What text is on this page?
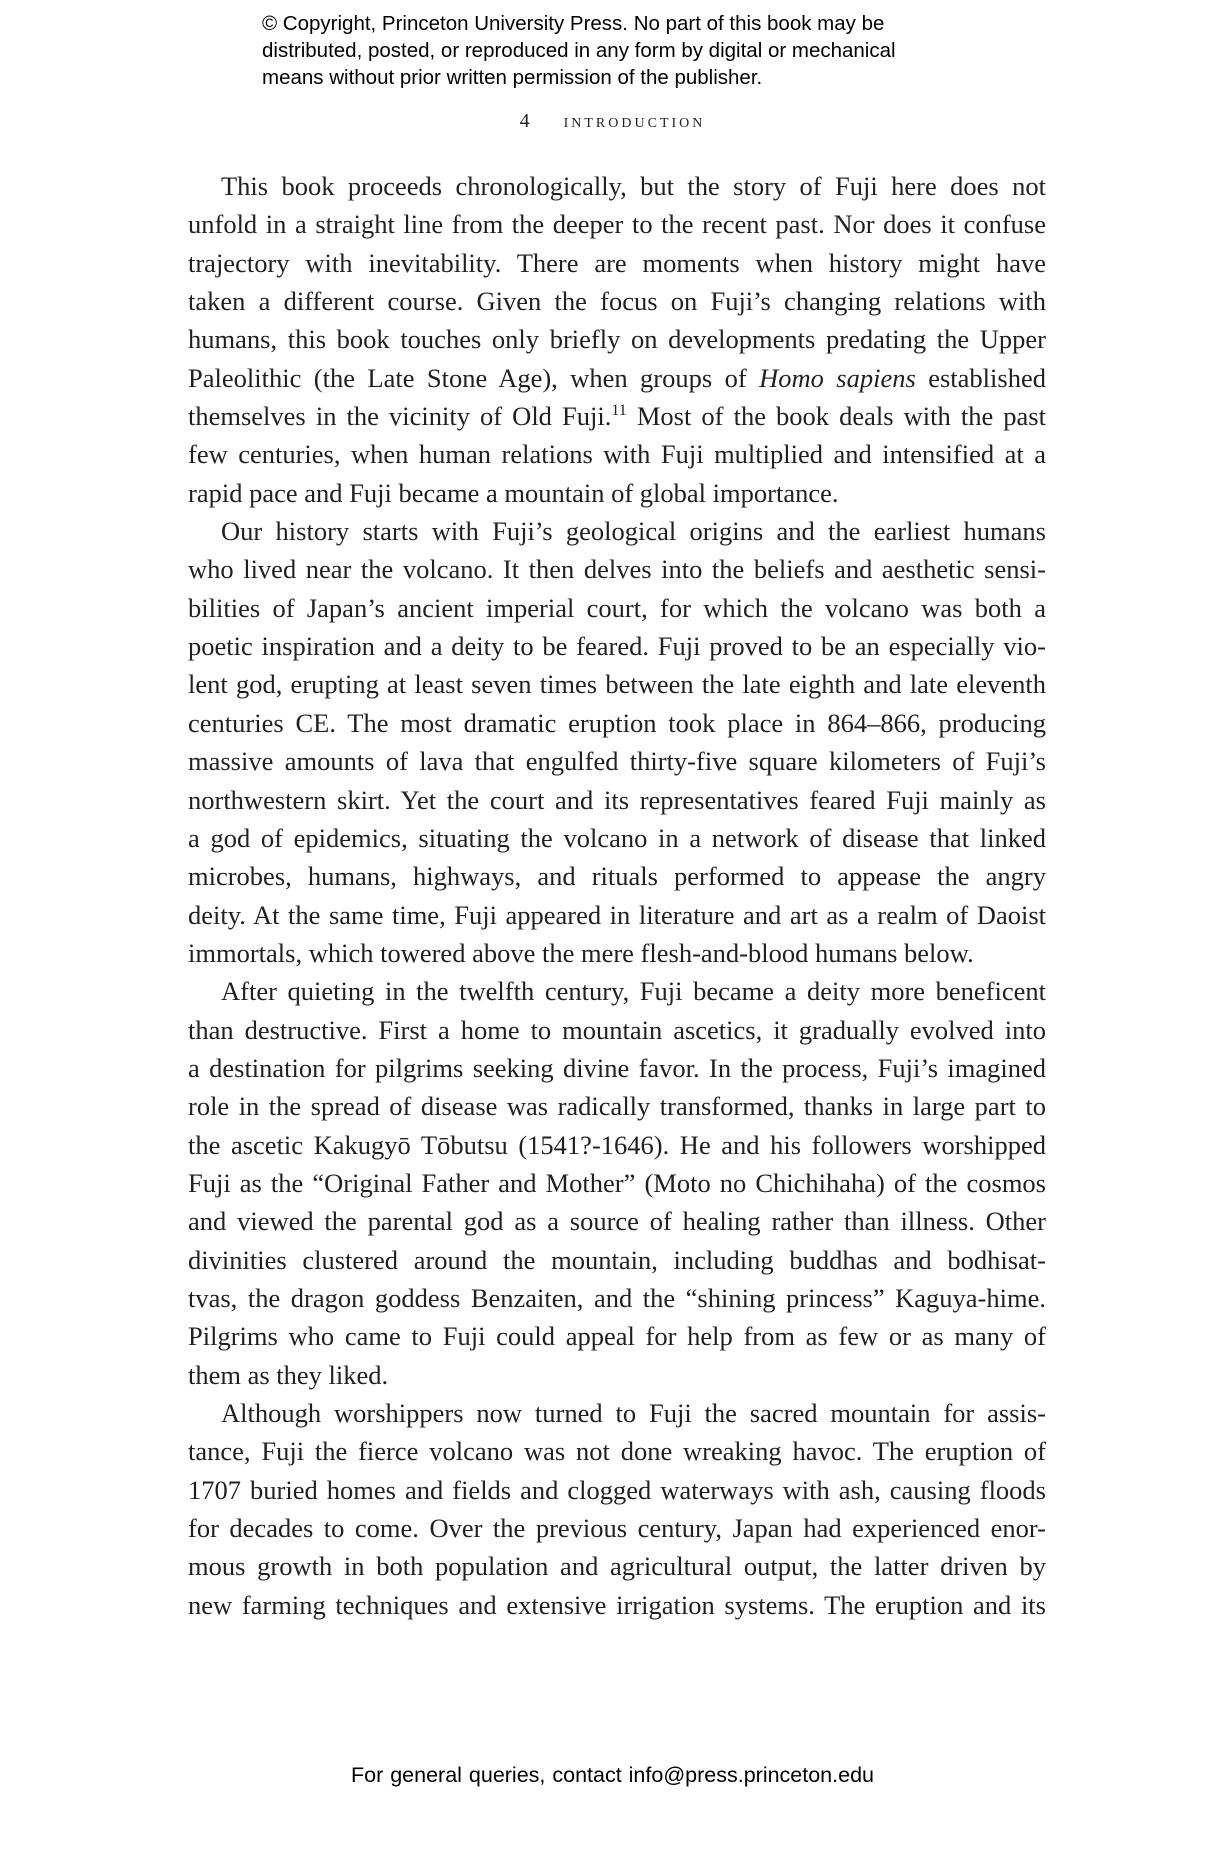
© Copyright, Princeton University Press. No part of this book may be
distributed, posted, or reproduced in any form by digital or mechanical
means without prior written permission of the publisher.
4 introduction
This book proceeds chronologically, but the story of Fuji here does not
unfold in a straight line from the deeper to the recent past. Nor does it confuse
trajectory with inevitability. There are moments when history might have
taken a different course. Given the focus on Fuji’s changing relations with
humans, this book touches only briefly on developments predating the Upper
Paleolithic (the Late Stone Age), when groups of Homo sapiens established
themselves in the vicinity of Old Fuji.$^{11}$ Most of the book deals with the past
few centuries, when human relations with Fuji multiplied and intensified at a
rapid pace and Fuji became a mountain of global importance.
Our history starts with Fuji’s geological origins and the earliest humans
who lived near the volcano. It then delves into the beliefs and aesthetic sensi-
bilities of Japan’s ancient imperial court, for which the volcano was both a
poetic inspiration and a deity to be feared. Fuji proved to be an especially vio-
lent god, erupting at least seven times between the late eighth and late eleventh
centuries CE. The most dramatic eruption took place in 864–866, producing
massive amounts of lava that engulfed thirty-five square kilometers of Fuji’s
northwestern skirt. Yet the court and its representatives feared Fuji mainly as
a god of epidemics, situating the volcano in a network of disease that linked
microbes, humans, highways, and rituals performed to appease the angry
deity. At the same time, Fuji appeared in literature and art as a realm of Daoist
immortals, which towered above the mere flesh-and-blood humans below.
After quieting in the twelfth century, Fuji became a deity more beneficent
than destructive. First a home to mountain ascetics, it gradually evolved into
a destination for pilgrims seeking divine favor. In the process, Fuji’s imagined
role in the spread of disease was radically transformed, thanks in large part to
the ascetic Kakugyō Tōbutsu (1541?-1646). He and his followers worshipped
Fuji as the “Original Father and Mother” (Moto no Chichihaha) of the cosmos
and viewed the parental god as a source of healing rather than illness. Other
divinities clustered around the mountain, including buddhas and bodhisat-
tvas, the dragon goddess Benzaiten, and the “shining princess” Kaguya-hime.
Pilgrims who came to Fuji could appeal for help from as few or as many of
them as they liked.
Although worshippers now turned to Fuji the sacred mountain for assis-
tance, Fuji the fierce volcano was not done wreaking havoc. The eruption of
1707 buried homes and fields and clogged waterways with ash, causing floods
for decades to come. Over the previous century, Japan had experienced enor-
mous growth in both population and agricultural output, the latter driven by
new farming techniques and extensive irrigation systems. The eruption and its
For general queries, contact info@press.princeton.edu
